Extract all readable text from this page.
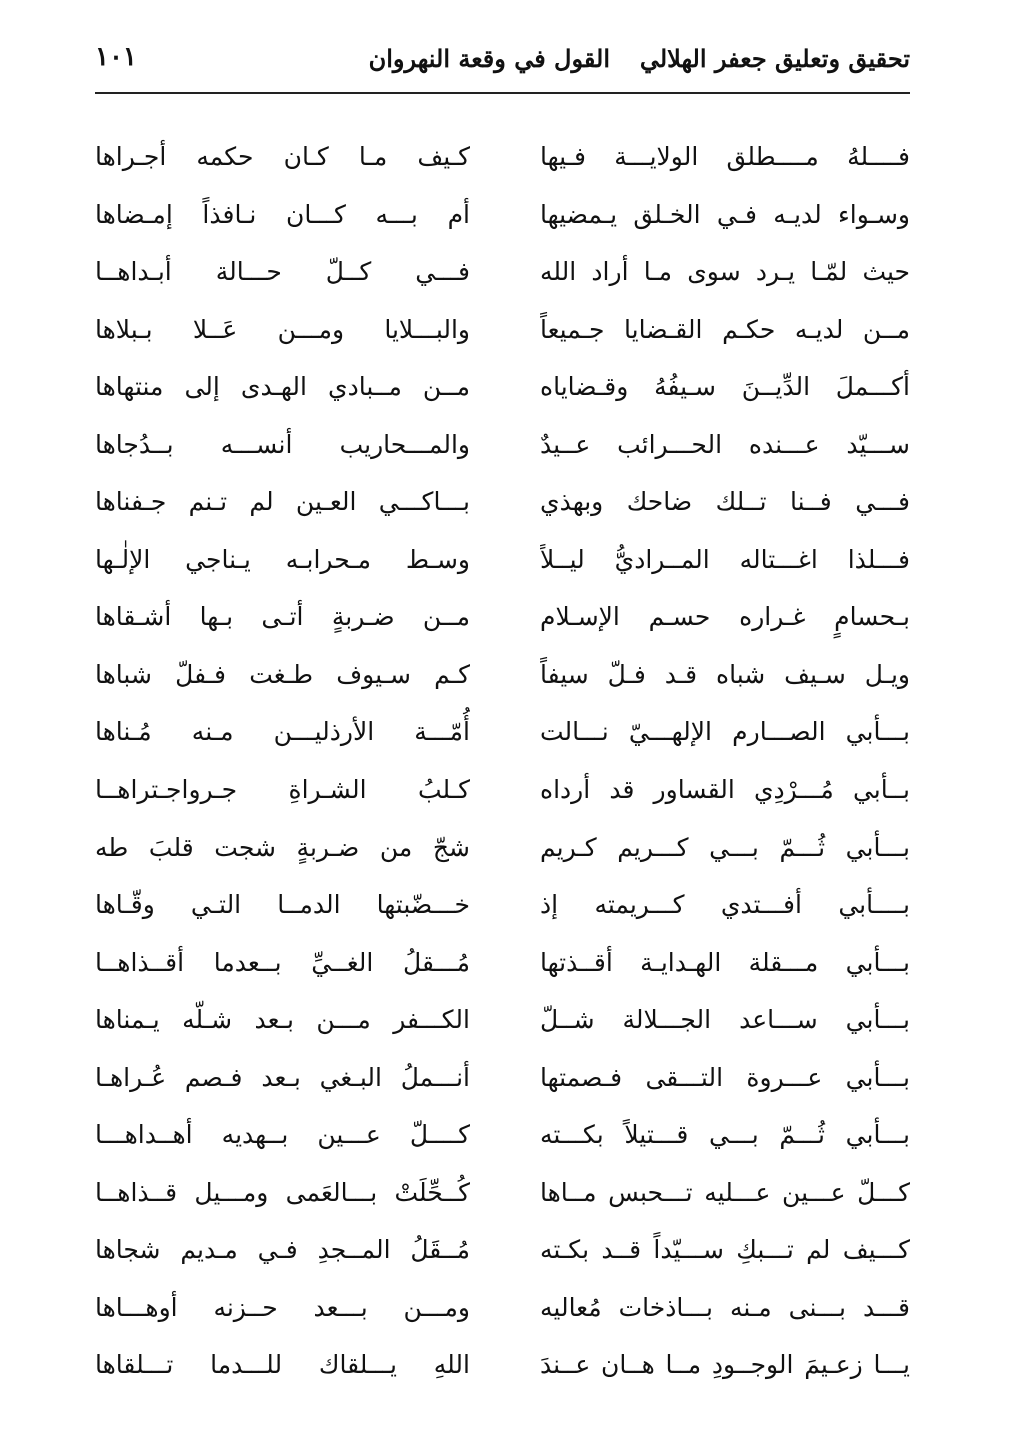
تحقيق وتعليق جعفر الهلالي
القول في وقعة النهروان
١٠١
فــــلهُ مــــطلق الولايـــة فـيها
كـيف مـا كـان حكمه أجـراها
وسـواء لديـه فـي الخـلق يـمضيها
أم بـــه كـــان نـافذاً إمـضاها
حيث لمّـا يـرد سوى مـا أراد الله
فـــي كــلّ حـــالة أبـداهــا
مــن لديـه حكـم القـضايا جـميعاً
والبـــلايا ومـــن عَــلا بـبلاها
أكـــملَ الدِّيــنَ سـيفُهُ وقـضاياه
مــن مــبادي الهـدى إلى منتهاها
ســـيّد عـــنده الحـــرائب عــيدٌ
والمـــحاريب أنســـه بــدُجاها
فـــي فــنا تــلك ضاحك وبهذي
بـــاكـــي العـين لم تـنم جـفناها
فـــلذا اغـــتاله المــراديُّ ليــلاً
وسـط مـحرابـه يـناجي الإلٰـها
بـحسامٍ غـراره حسـم الإسـلام
مــن ضـربةٍ أتـى بـها أشـقاها
ويـل سـيف شباه قـد فـلّ سيفاً
كـم سـيوف طـغت فـفلّ شباها
بـــأبي الصـــارم الإلهـــيّ نـــالت
أُمّـــة الأرذليـــن مـنه مُـناها
بــأبي مُـــرْدِي القساور قد أرداه
كـلبُ الشـراةِ جـرواجـتراهــا
بـــأبي ثُـــمّ بـــي كـــريم كـريم
شجّ من ضـربةٍ شجت قلبَ طه
بــــأبي أفـــتدي كـــريمته إذ
خـــضّبتها الدمــا التـي وقّـاها
بـــأبي مـــقلة الهـدايـة أقــذتها
مُـــقلُ الغــيِّ بــعدما أقــذاهــا
بـــأبي ســـاعد الجـــلالة شــلّ
الكـــفر مـــن بـعد شـلّه يـمناها
بـــأبي عـــروة التـــقى فـصمتها
أنـــملُ البـغي بـعد فـصم عُـراهـا
بـــأبي ثُـــمّ بـــي قـــتيلاً بكـــته
كــــلّ عـــين بــهديه أهــداهـــا
كـــلّ عـــين عـــليه تـــحبس مــاها
كُــحِّلَتْ بـــالعَمى ومـــيل قــذاهــا
كـــيف لم تـــبكِ ســـيّداً قــد بكـته
مُــقَلُ المــجدِ فـي مـديم شجاها
قـــد بـــنى مـنه بـــاذخات مُعاليه
ومـــن بـــعد حــزنه أوهـــاها
يـــا زعـيمَ الوجــودِ مــا هــان عــندَ
اللهِ يـــلقاك للـــدما تـــلقاها
